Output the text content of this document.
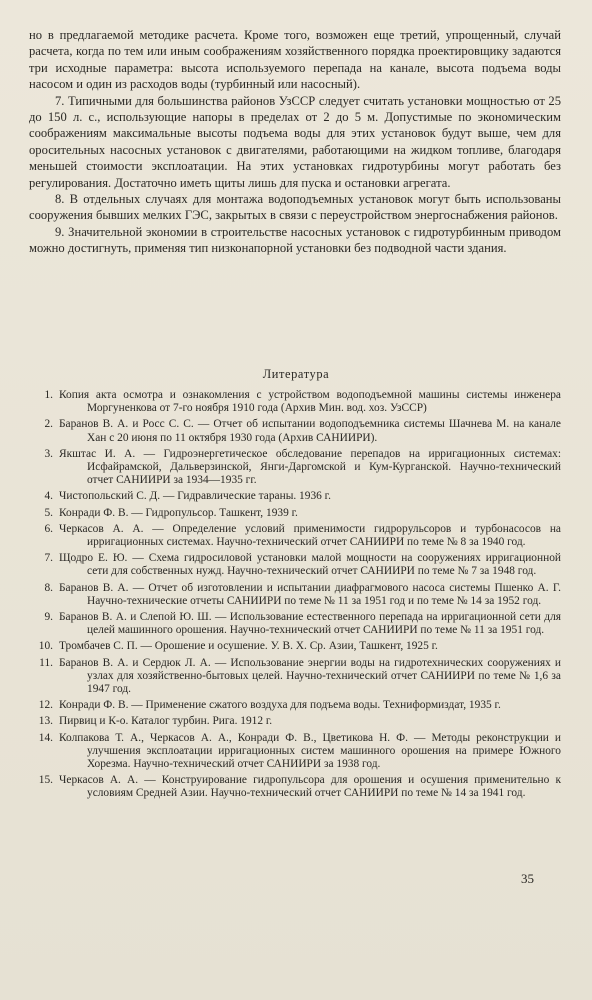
но в предлагаемой методике расчета. Кроме того, возможен еще третий, упрощенный, случай расчета, когда по тем или иным соображениям хозяйственного порядка проектировщику задаются три исходные параметра: высота используемого перепада на канале, высота подъема воды насосом и один из расходов воды (турбинный или насосный).

7. Типичными для большинства районов УзССР следует считать установки мощностью от 25 до 150 л. с., использующие напоры в пределах от 2 до 5 м. Допустимые по экономическим соображениям максимальные высоты подъема воды для этих установок будут выше, чем для оросительных насосных установок с двигателями, работающими на жидком топливе, благодаря меньшей стоимости эксплоатации. На этих установках гидротурбины могут работать без регулирования. Достаточно иметь щиты лишь для пуска и остановки агрегата.

8. В отдельных случаях для монтажа водоподъемных установок могут быть использованы сооружения бывших мелких ГЭС, закрытых в связи с переустройством энергоснабжения районов.

9. Значительной экономии в строительстве насосных установок с гидротурбинным приводом можно достигнуть, применяя тип низконапорной установки без подводной части здания.

Литература
1. Копия акта осмотра и ознакомления с устройством водоподъемной машины системы инженера Моргуненкова от 7-го ноября 1910 года (Архив Мин. вод. хоз. УзССР)
2. Баранов В. А. и Росс С. С. — Отчет об испытании водоподъемника системы Шачнева М. на канале Хан с 20 июня по 11 октября 1930 года (Архив САНИИРИ).
3. Якштас И. А. — Гидроэнергетическое обследование перепадов на ирригационных системах: Исфайрамской, Дальверзинской, Янги-Даргомской и Кум-Курганской. Научно-технический отчет САНИИРИ за 1934—1935 гг.
4. Чистопольский С. Д. — Гидравлические тараны. 1936 г.
5. Конради Ф. В. — Гидропульсор. Ташкент, 1939 г.
6. Черкасов А. А. — Определение условий применимости гидроpульсоров и турбонасосов на ирригационных системах. Научно-технический отчет САНИИРИ по теме № 8 за 1940 год.
7. Щодро Е. Ю. — Схема гидросиловой установки малой мощности на сооружениях ирригационной сети для собственных нужд. Научно-технический отчет САНИИРИ по теме № 7 за 1948 год.
8. Баранов В. А. — Отчет об изготовлении и испытании диафрагмового насоса системы Пшенко А. Г. Научно-технические отчеты САНИИРИ по теме № 11 за 1951 год и по теме № 14 за 1952 год.
9. Баранов В. А. и Слепой Ю. Ш. — Использование естественного перепада на ирригационной сети для целей машинного орошения. Научно-технический отчет САНИИРИ по теме № 11 за 1951 год.
10. Тромбачев С. П. — Орошение и осушение. У. В. Х. Ср. Азии, Ташкент, 1925 г.
11. Баранов В. А. и Сердюк Л. А. — Использование энергии воды на гидротехнических сооружениях и узлах для хозяйственно-бытовых целей. Научно-технический отчет САНИИРИ по теме № 1,6 за 1947 год.
12. Конради Ф. В. — Применение сжатого воздуха для подъема воды. Техниформиздат, 1935 г.
13. Пирвиц и К-о. Каталог турбин. Рига. 1912 г.
14. Колпакова Т. А., Черкасов А. А., Конради Ф. В., Цветикова Н. Ф. — Методы реконструкции и улучшения эксплоатации ирригационных систем машинного орошения на примере Южного Хорезма. Научно-технический отчет САНИИРИ за 1938 год.
15. Черкасов А. А. — Конструирование гидропульсора для орошения и осушения применительно к условиям Средней Азии. Научно-технический отчет САНИИРИ по теме № 14 за 1941 год.
35
